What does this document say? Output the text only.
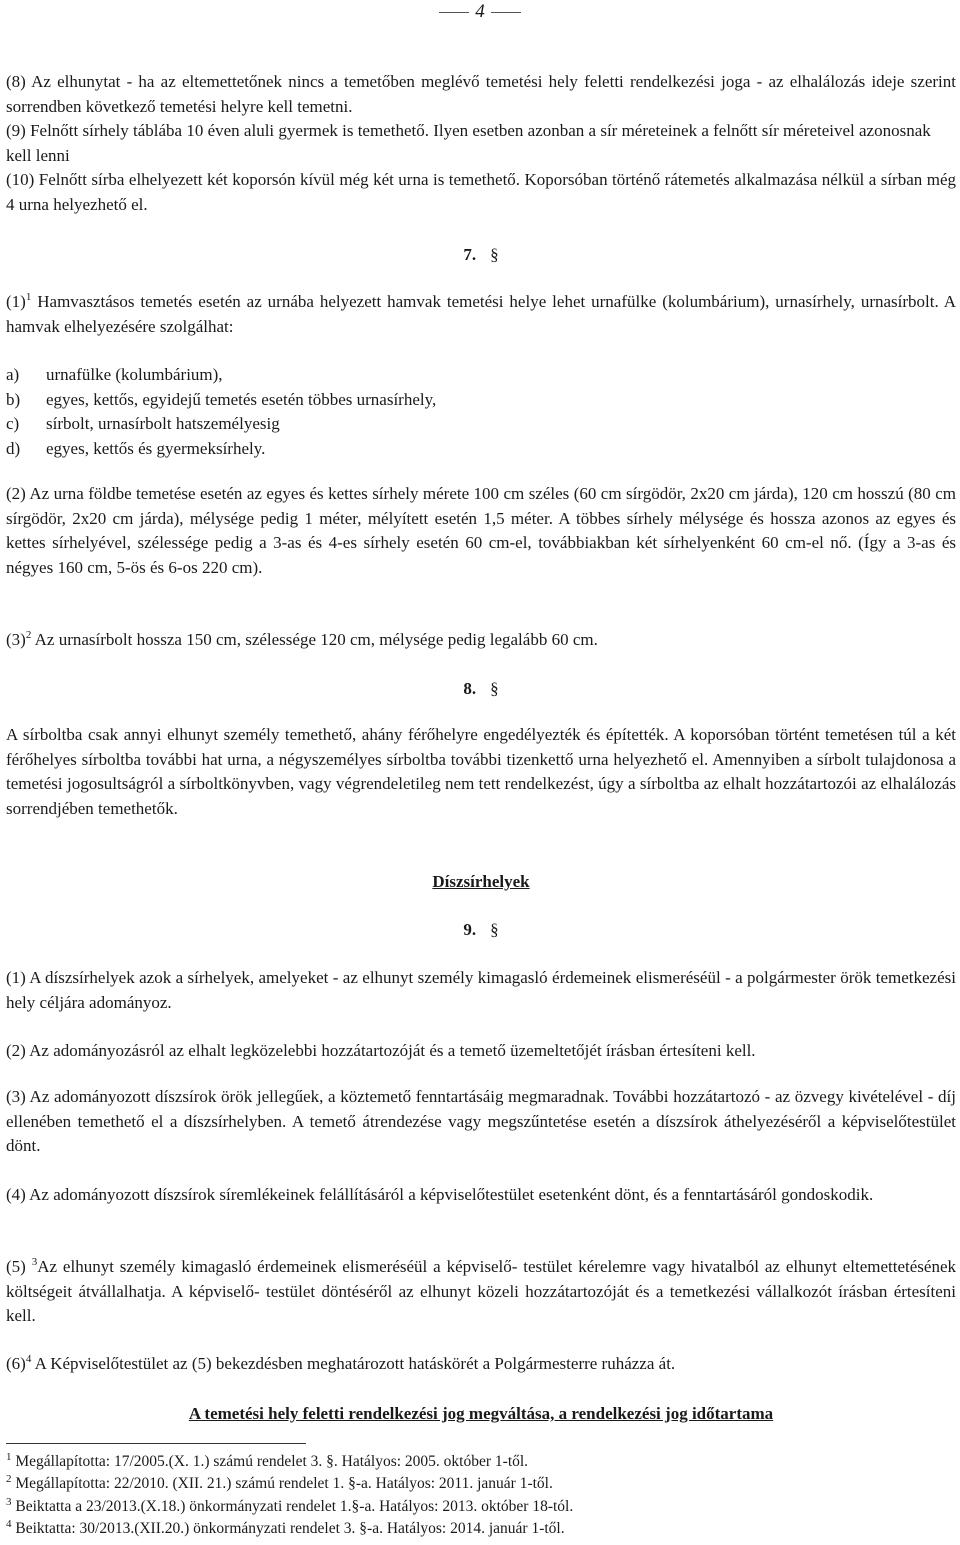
4

(8) Az elhunytat - ha az eltemettetőnek nincs a temetőben meglévő temetési hely feletti rendelkezési joga - az elhalálozás ideje szerint sorrendben következő temetési helyre kell temetni.

(9) Felnőtt sírhely táblába 10 éven aluli gyermek is temethető. Ilyen esetben azonban a sír méreteinek a felnőtt sír méreteivel azonosnak kell lenni

(10) Felnőtt sírba elhelyezett két koporsón kívül még két urna is temethető. Koporsóban történő rátemetés alkalmazása nélkül a sírban még 4 urna helyezhető el.

7. §

$(1)^1$ Hamvasztásos temetés esetén az urnába helyezett hamvak temetési helye lehet urnafülke (kolumbárium), urnasírhely, urnasírbolt. A hamvak elhelyezésére szolgálhat:

a)	urnafülke (kolumbárium),
b)	egyes, kettős, egyidejű temetés esetén többes urnasírhely,
c)	sírbolt, urnasírbolt hatszemélyesig
d)	egyes, kettős és gyermeksírhely.

(2) Az urna földbe temetése esetén az egyes és kettes sírhely mérete 100 cm széles (60 cm sírgödör, 2x20 cm járda), 120 cm hosszú (80 cm sírgödör, 2x20 cm járda), mélysége pedig 1 méter, mélyített esetén 1,5 méter. A többes sírhely mélysége és hossza azonos az egyes és kettes sírhelyével, szélessége pedig a 3-as és 4-es sírhely esetén 60 cm-el, továbbiakban két sírhelyenként 60 cm-el nő. (Így a 3-as és négyes 160 cm, 5-ös és 6-os 220 cm).

$(3)^2$ Az urnasírbolt hossza 150 cm, szélessége 120 cm, mélysége pedig legalább 60 cm.

8. §

A sírboltba csak annyi elhunyt személy temethető, ahány férőhelyre engedélyezték és építették. A koporsóban történt temetésen túl a két férőhelyes sírboltba további hat urna, a négyszemélyes sírboltba további tizenkettő urna helyezhető el. Amennyiben a sírbolt tulajdonosa a temetési jogosultságról a sírboltkönyvben, vagy végrendeletileg nem tett rendelkezést, úgy a sírboltba az elhalt hozzátartozói az elhalálozás sorrendjében temethetők.

Díszsírhelyek
9. §

(1) A díszsírhelyek azok a sírhelyek, amelyeket - az elhunyt személy kimagasló érdemeinek elismeréséül - a polgármester örök temetkezési hely céljára adományoz.

(2) Az adományozásról az elhalt legközelebbi hozzátartozóját és a temető üzemeltetőjét írásban értesíteni kell.

(3) Az adományozott díszsírok örök jellegűek, a köztemető fenntartásáig megmaradnak. További hozzátartozó - az özvegy kivételével - díj ellenében temethető el a díszsírhelyben. A temető átrendezése vagy megszűntetése esetén a díszsírok áthelyezéséről a képviselőtestület dönt.

(4) Az adományozott díszsírok síremlékeinek felállításáról a képviselőtestület esetenként dönt, és a fenntartásáról gondoskodik.

(5) $^3$Az elhunyt személy kimagasló érdemeinek elismeréséül a képviselő- testület kérelemre vagy hivatalból az elhunyt eltemettetésének költségeit átvállalhatja. A képviselő- testület döntéséről az elhunyt közeli hozzátartozóját és a temetkezési vállalkozót írásban értesíteni kell.

$(6)^4$ A Képviselőtestület az (5) bekezdésben meghatározott hatáskörét a Polgármesterre ruházza át.

A temetési hely feletti rendelkezési jog megváltása, a rendelkezési jog időtartama

$^1$ Megállapította: 17/2005.(X. 1.) számú rendelet 3. §. Hatályos: 2005. október 1-től.

$^2$ Megállapította: 22/2010. (XII. 21.) számú rendelet 1. §-a. Hatályos: 2011. január 1-től.

$^3$ Beiktatta a 23/2013.(X.18.) önkormányzati rendelet 1.§-a. Hatályos: 2013. október 18-tól.

$^4$ Beiktatta: 30/2013.(XII.20.) önkormányzati rendelet 3. §-a. Hatályos: 2014. január 1-től.
